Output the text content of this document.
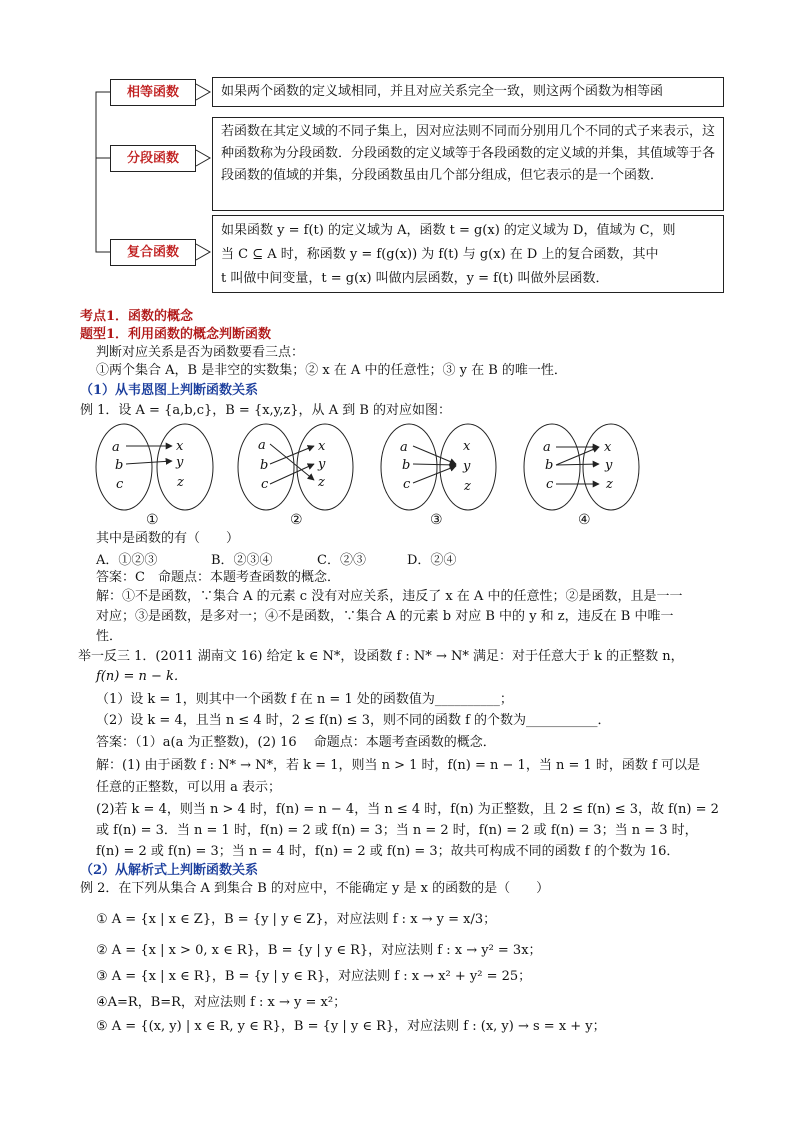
相等函数
分段函数
复合函数
如果两个函数的定义域相同，并且对应关系完全一致，则这两个函数为相等函
若函数在其定义域的不同子集上，因对应法则不同而分别用几个不同的式子来表示，这种函数称为分段函数．分段函数的定义域等于各段函数的定义域的并集，其值域等于各段函数的值域的并集，分段函数虽由几个部分组成，但它表示的是一个函数．
如果函数 y = f(t) 的定义域为 A，函数 t = g(x) 的定义域为 D，值域为 C，则
当 C ⊆ A 时，称函数 y = f(g(x)) 为 f(t) 与 g(x) 在 D 上的复合函数，其中
t 叫做中间变量，t = g(x) 叫做内层函数，y = f(t) 叫做外层函数．
考点1．函数的概念
题型1．利用函数的概念判断函数
判断对应关系是否为函数要看三点：
①两个集合 A，B 是非空的实数集；② x 在 A 中的任意性；③ y 在 B 的唯一性．
（1）从韦恩图上判断函数关系
例 1．设 A = {a,b,c}，B = {x,y,z}，从 A 到 B 的对应如图：
a
b
c
x
y
z
a
b
c
x
y
z
a
b
c
x
y
z
a
b
c
x
y
z
①	②	③	④
其中是函数的有（　　）
A．①②③	B．②③④	C．②③	D．②④
答案：C　命题点：本题考查函数的概念．
解：①不是函数，∵集合 A 的元素 c 没有对应关系，违反了 x 在 A 中的任意性；②是函数，且是一一
对应；③是函数，是多对一；④不是函数，∵集合 A 的元素 b 对应 B 中的 y 和 z，违反在 B 中唯一
性．
举一反三 1．(2011 湖南文 16) 给定 k ∈ N*，设函数 f : N* → N* 满足：对于任意大于 k 的正整数 n，
f(n) = n − k．
（1）设 k = 1，则其中一个函数 f 在 n = 1 处的函数值为__________；
（2）设 k = 4，且当 n ≤ 4 时，2 ≤ f(n) ≤ 3，则不同的函数 f 的个数为___________．
答案：（1）a(a 为正整数)，(2) 16　 命题点：本题考查函数的概念．
解：(1) 由于函数 f : N* → N*，若 k = 1，则当 n > 1 时，f(n) = n − 1，当 n = 1 时，函数 f 可以是
任意的正整数，可以用 a 表示；
(2)若 k = 4，则当 n > 4 时，f(n) = n − 4，当 n ≤ 4 时，f(n) 为正整数，且 2 ≤ f(n) ≤ 3，故 f(n) = 2
或 f(n) = 3．当 n = 1 时，f(n) = 2 或 f(n) = 3；当 n = 2 时，f(n) = 2 或 f(n) = 3；当 n = 3 时，
f(n) = 2 或 f(n) = 3；当 n = 4 时，f(n) = 2 或 f(n) = 3；故共可构成不同的函数 f 的个数为 16．
（2）从解析式上判断函数关系
例 2．在下列从集合 A 到集合 B 的对应中，不能确定 y 是 x 的函数的是（　　）
① A = {x | x ∈ Z}，B = {y | y ∈ Z}，对应法则 f : x → y = x/3；
② A = {x | x > 0, x ∈ R}，B = {y | y ∈ R}，对应法则 f : x → y² = 3x；
③ A = {x | x ∈ R}，B = {y | y ∈ R}，对应法则 f : x → x² + y² = 25；
④A=R，B=R，对应法则 f : x → y = x²；
⑤ A = {(x, y) | x ∈ R, y ∈ R}，B = {y | y ∈ R}，对应法则 f : (x, y) → s = x + y；
